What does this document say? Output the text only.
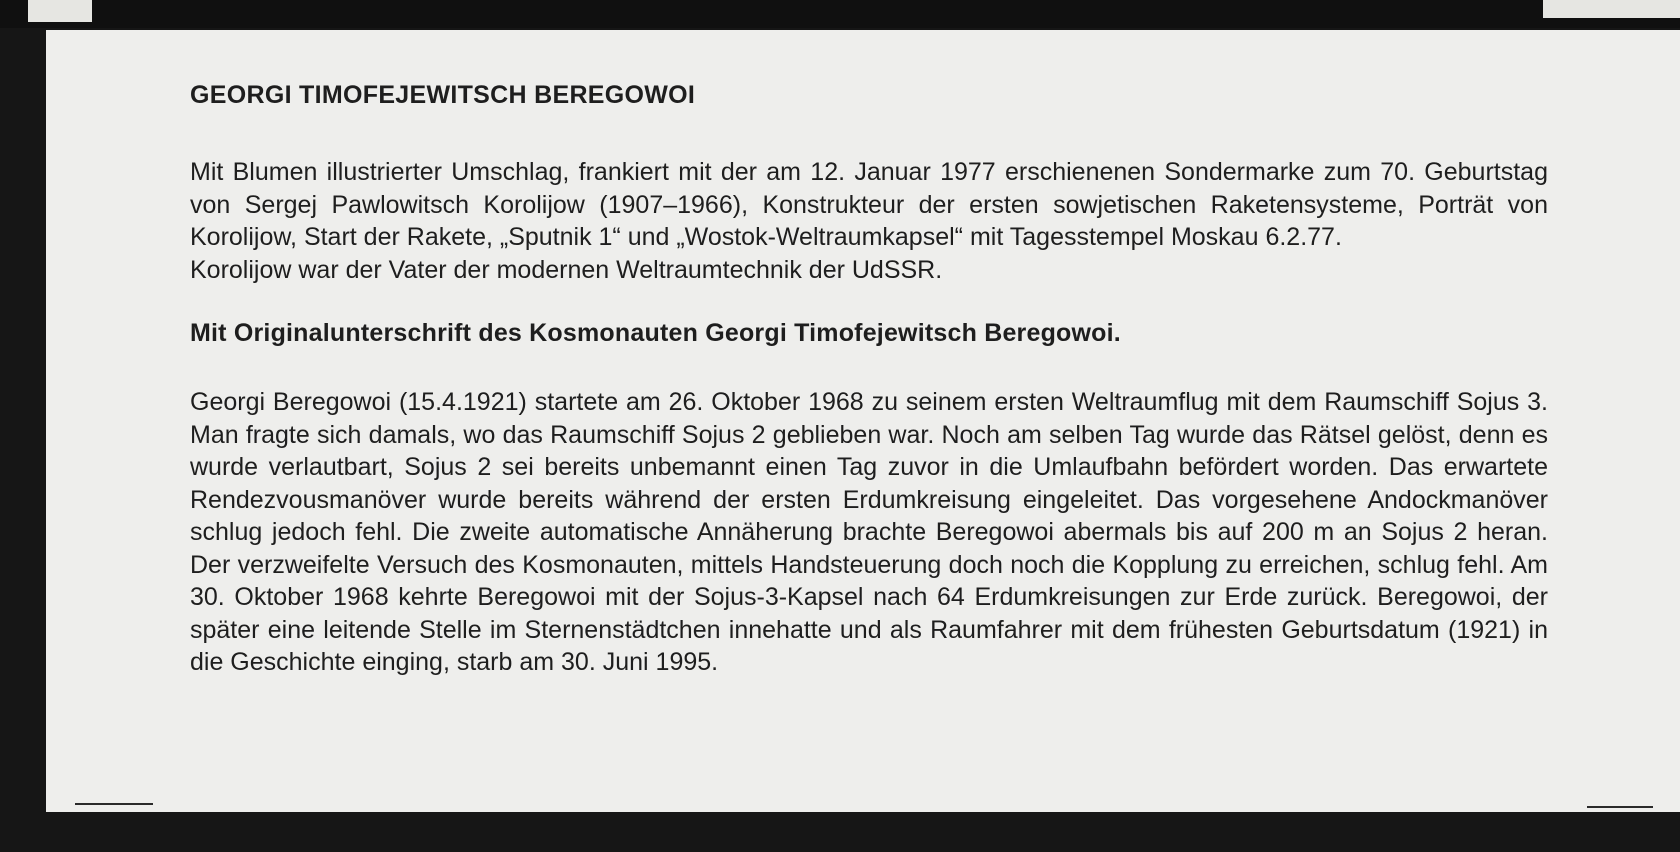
GEORGI TIMOFEJEWITSCH BEREGOWOI

Mit Blumen illustrierter Umschlag, frankiert mit der am 12. Januar 1977 erschienenen Sondermarke zum 70. Geburtstag von Sergej Pawlowitsch Korolijow (1907–1966), Konstrukteur der ersten sowjetischen Raketensysteme, Porträt von Korolijow, Start der Rakete, „Sputnik 1“ und „Wostok-Weltraumkapsel“ mit Tagesstempel Moskau 6.2.77.
Korolijow war der Vater der modernen Weltraumtechnik der UdSSR.

Mit Originalunterschrift des Kosmonauten Georgi Timofejewitsch Beregowoi.

Georgi Beregowoi (15.4.1921) startete am 26. Oktober 1968 zu seinem ersten Weltraumflug mit dem Raumschiff Sojus 3. Man fragte sich damals, wo das Raumschiff Sojus 2 geblieben war. Noch am selben Tag wurde das Rätsel gelöst, denn es wurde verlautbart, Sojus 2 sei bereits unbemannt einen Tag zuvor in die Umlaufbahn befördert worden. Das erwartete Rendezvousmanöver wurde bereits während der ersten Erdumkreisung eingeleitet. Das vorgesehene Andockmanöver schlug jedoch fehl. Die zweite automatische Annäherung brachte Beregowoi abermals bis auf 200 m an Sojus 2 heran. Der verzweifelte Versuch des Kosmonauten, mittels Handsteuerung doch noch die Kopplung zu erreichen, schlug fehl. Am 30. Oktober 1968 kehrte Beregowoi mit der Sojus-3-Kapsel nach 64 Erdumkreisungen zur Erde zurück. Beregowoi, der später eine leitende Stelle im Sternenstädtchen innehatte und als Raumfahrer mit dem frühesten Geburtsdatum (1921) in die Geschichte einging, starb am 30. Juni 1995.
